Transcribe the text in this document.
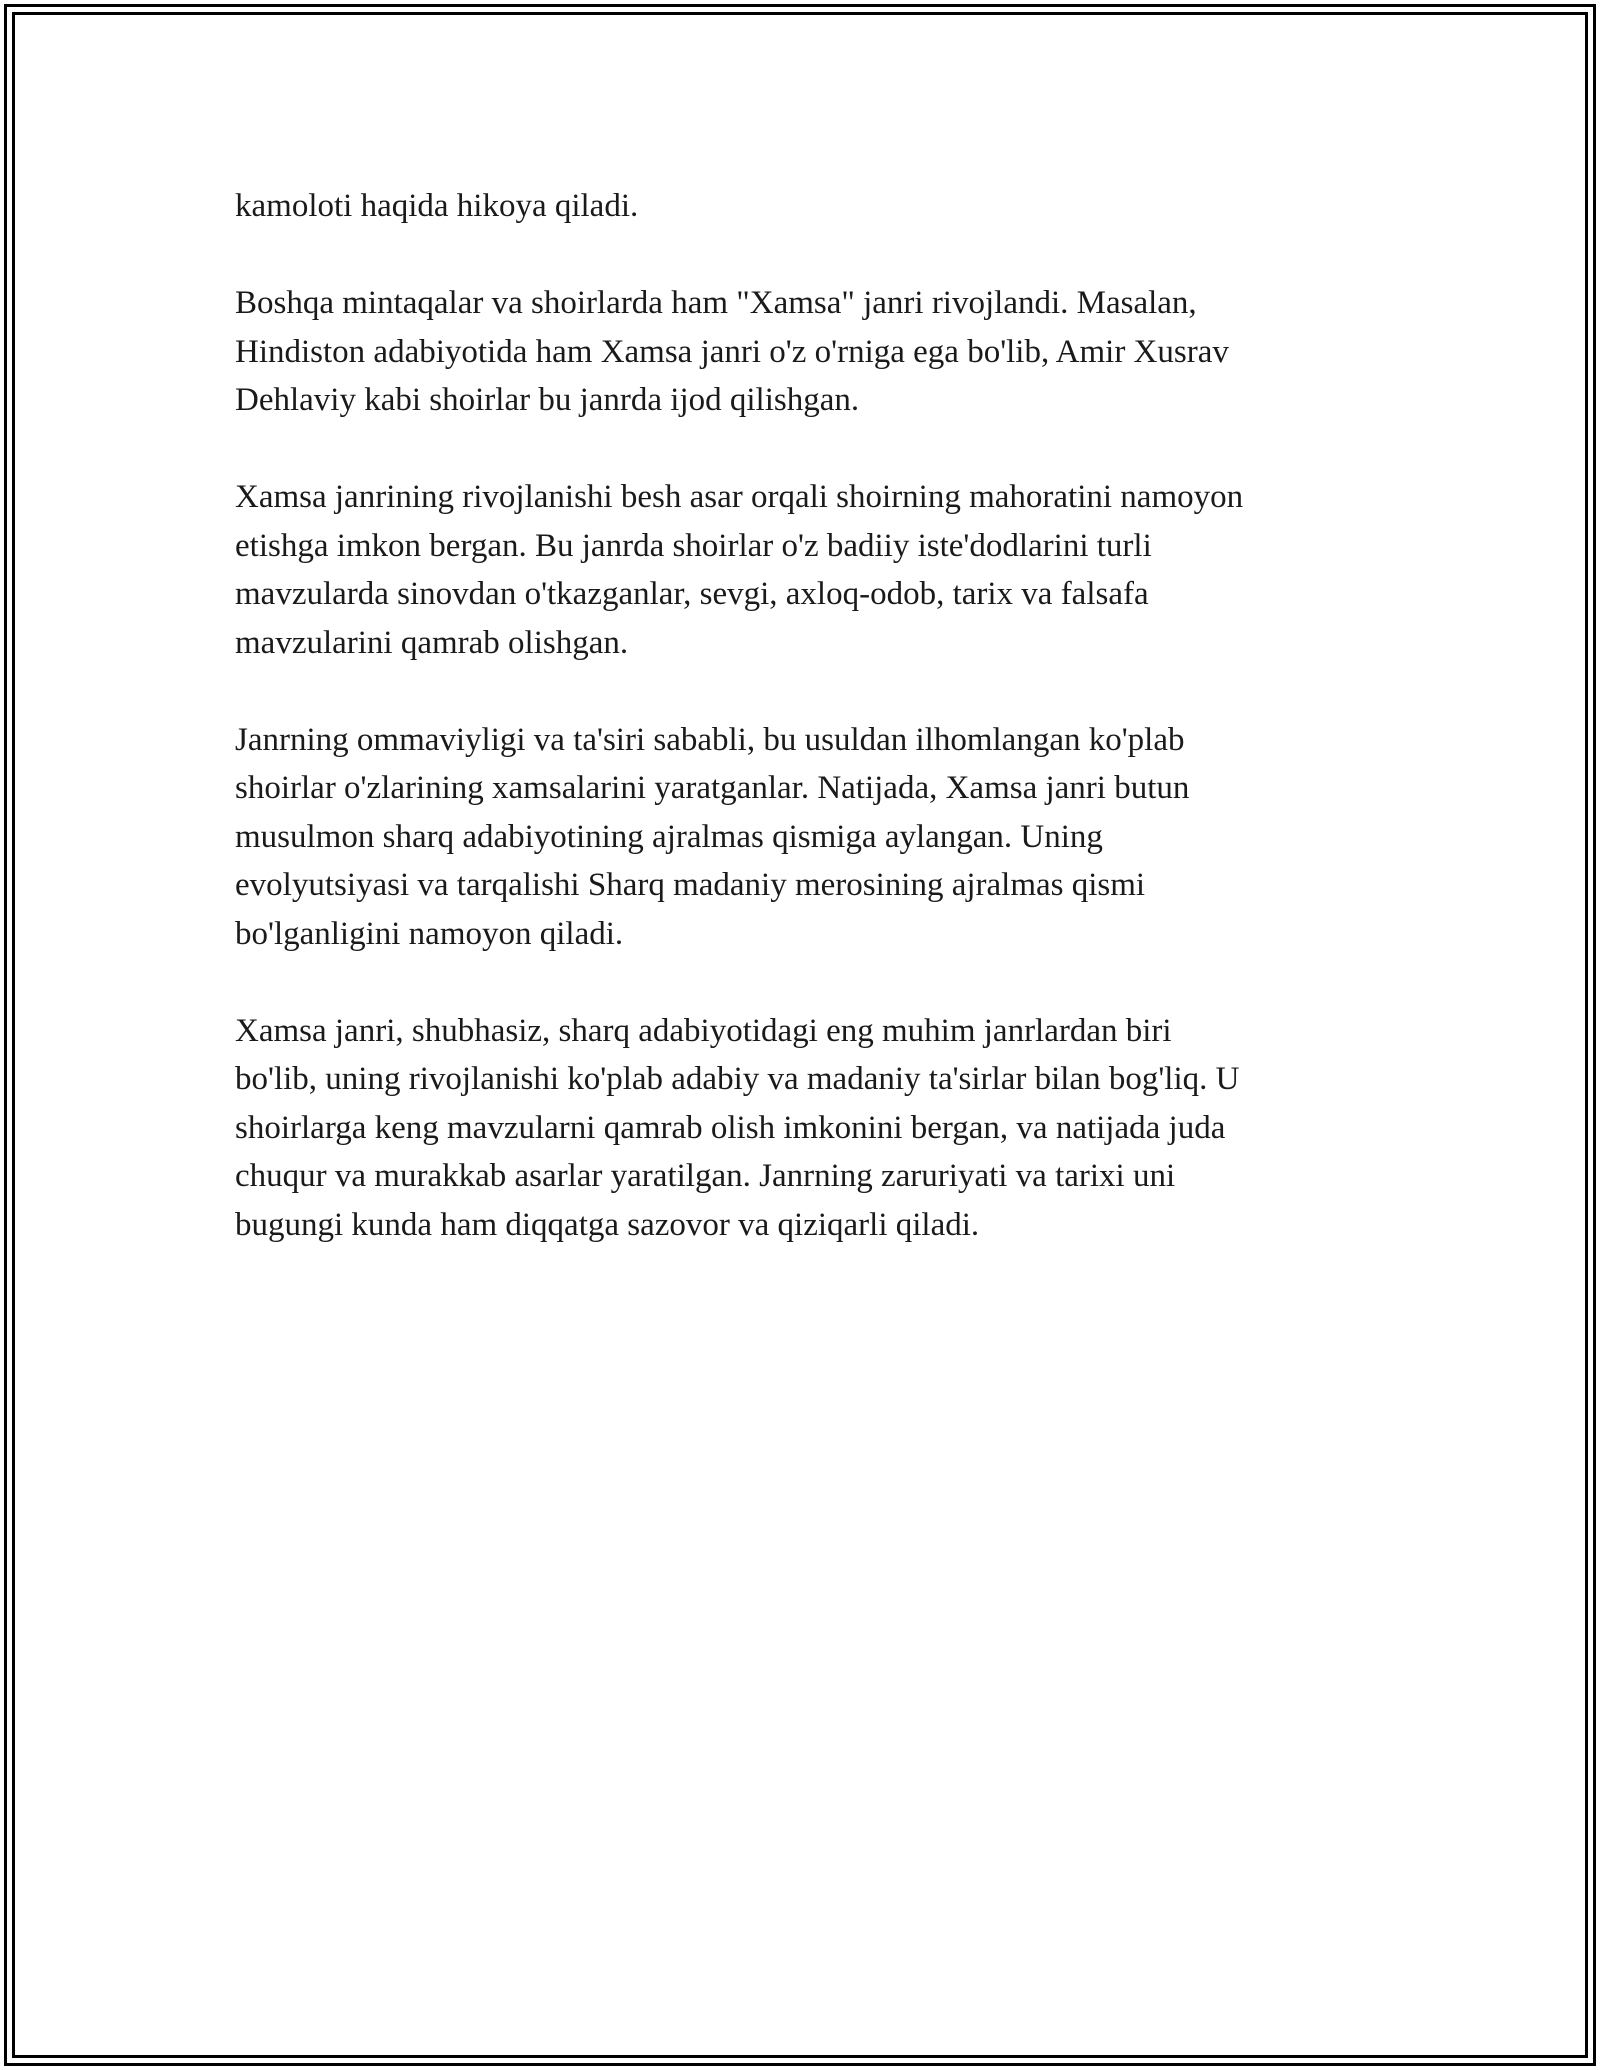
kamoloti haqida hikoya qiladi.

Boshqa mintaqalar va shoirlarda ham "Xamsa" janri rivojlandi. Masalan,
Hindiston adabiyotida ham Xamsa janri o'z o'rniga ega bo'lib, Amir Xusrav
Dehlaviy kabi shoirlar bu janrda ijod qilishgan.

Xamsa janrining rivojlanishi besh asar orqali shoirning mahoratini namoyon
etishga imkon bergan. Bu janrda shoirlar o'z badiiy iste'dodlarini turli
mavzularda sinovdan o'tkazganlar, sevgi, axloq-odob, tarix va falsafa
mavzularini qamrab olishgan.

Janrning ommaviyligi va ta'siri sababli, bu usuldan ilhomlangan ko'plab
shoirlar o'zlarining xamsalarini yaratganlar. Natijada, Xamsa janri butun
musulmon sharq adabiyotining ajralmas qismiga aylangan. Uning
evolyutsiyasi va tarqalishi Sharq madaniy merosining ajralmas qismi
bo'lganligini namoyon qiladi.

Xamsa janri, shubhasiz, sharq adabiyotidagi eng muhim janrlardan biri
bo'lib, uning rivojlanishi ko'plab adabiy va madaniy ta'sirlar bilan bog'liq. U
shoirlarga keng mavzularni qamrab olish imkonini bergan, va natijada juda
chuqur va murakkab asarlar yaratilgan. Janrning zaruriyati va tarixi uni
bugungi kunda ham diqqatga sazovor va qiziqarli qiladi.
